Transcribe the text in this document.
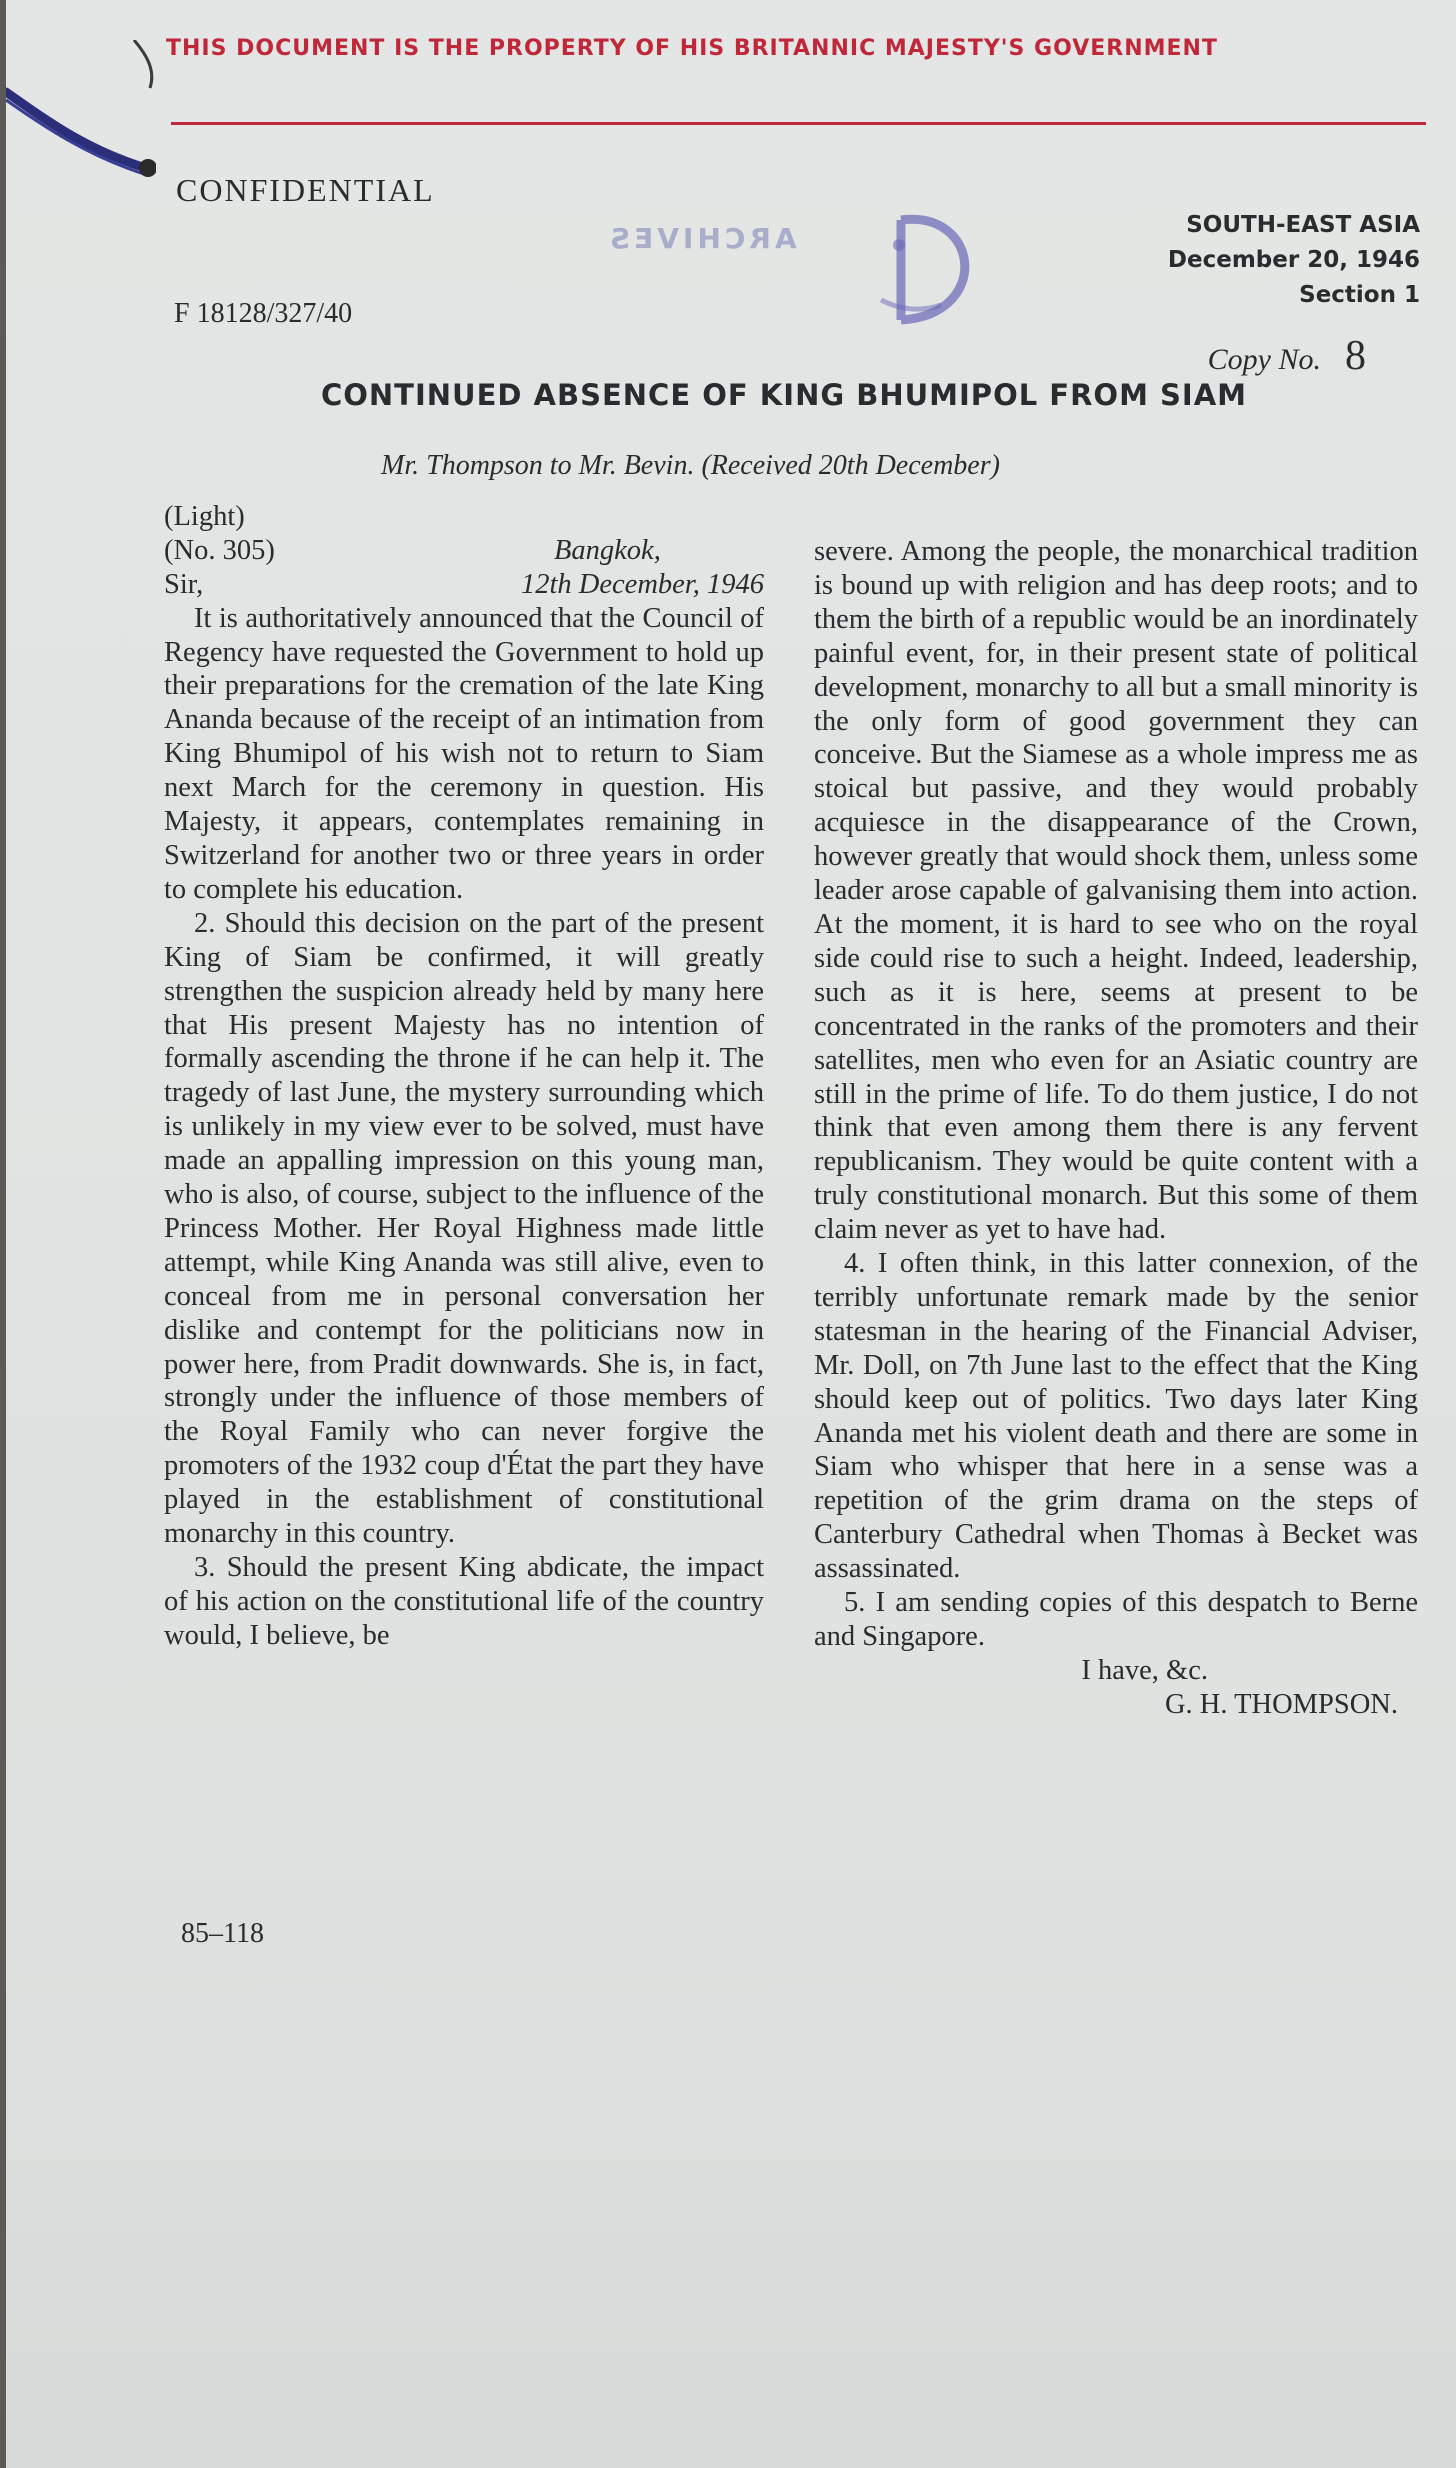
THIS DOCUMENT IS THE PROPERTY OF HIS BRITANNIC MAJESTY'S GOVERNMENT
CONFIDENTIAL
ARCHIVES
F 18128/327/40
SOUTH-EAST ASIA
December 20, 1946
Section 1
Copy No. 8
CONTINUED ABSENCE OF KING BHUMIPOL FROM SIAM
Mr. Thompson to Mr. Bevin. (Received 20th December)

(Light)

(No. 305)	Bangkok,

Sir,	12th December, 1946

It is authoritatively announced that the Council of Regency have requested the Government to hold up their preparations for the cremation of the late King Ananda because of the receipt of an intimation from King Bhumipol of his wish not to return to Siam next March for the ceremony in question. His Majesty, it appears, contemplates remaining in Switzerland for another two or three years in order to complete his education.

2. Should this decision on the part of the present King of Siam be confirmed, it will greatly strengthen the suspicion already held by many here that His present Majesty has no intention of formally ascending the throne if he can help it. The tragedy of last June, the mystery surrounding which is unlikely in my view ever to be solved, must have made an appalling impression on this young man, who is also, of course, subject to the influence of the Princess Mother. Her Royal Highness made little attempt, while King Ananda was still alive, even to conceal from me in personal conversation her dislike and contempt for the politicians now in power here, from Pradit downwards. She is, in fact, strongly under the influence of those members of the Royal Family who can never forgive the promoters of the 1932 coup d'État the part they have played in the establishment of constitutional monarchy in this country.

3. Should the present King abdicate, the impact of his action on the constitutional life of the country would, I believe, be

severe. Among the people, the monarchical tradition is bound up with religion and has deep roots; and to them the birth of a republic would be an inordinately painful event, for, in their present state of political development, monarchy to all but a small minority is the only form of good government they can conceive. But the Siamese as a whole impress me as stoical but passive, and they would probably acquiesce in the disappearance of the Crown, however greatly that would shock them, unless some leader arose capable of galvanising them into action. At the moment, it is hard to see who on the royal side could rise to such a height. Indeed, leadership, such as it is here, seems at present to be concentrated in the ranks of the promoters and their satellites, men who even for an Asiatic country are still in the prime of life. To do them justice, I do not think that even among them there is any fervent republicanism. They would be quite content with a truly constitutional monarch. But this some of them claim never as yet to have had.

4. I often think, in this latter connexion, of the terribly unfortunate remark made by the senior statesman in the hearing of the Financial Adviser, Mr. Doll, on 7th June last to the effect that the King should keep out of politics. Two days later King Ananda met his violent death and there are some in Siam who whisper that here in a sense was a repetition of the grim drama on the steps of Canterbury Cathedral when Thomas à Becket was assassinated.

5. I am sending copies of this despatch to Berne and Singapore.

I have, &c.

G. H. THOMPSON.

85–118
